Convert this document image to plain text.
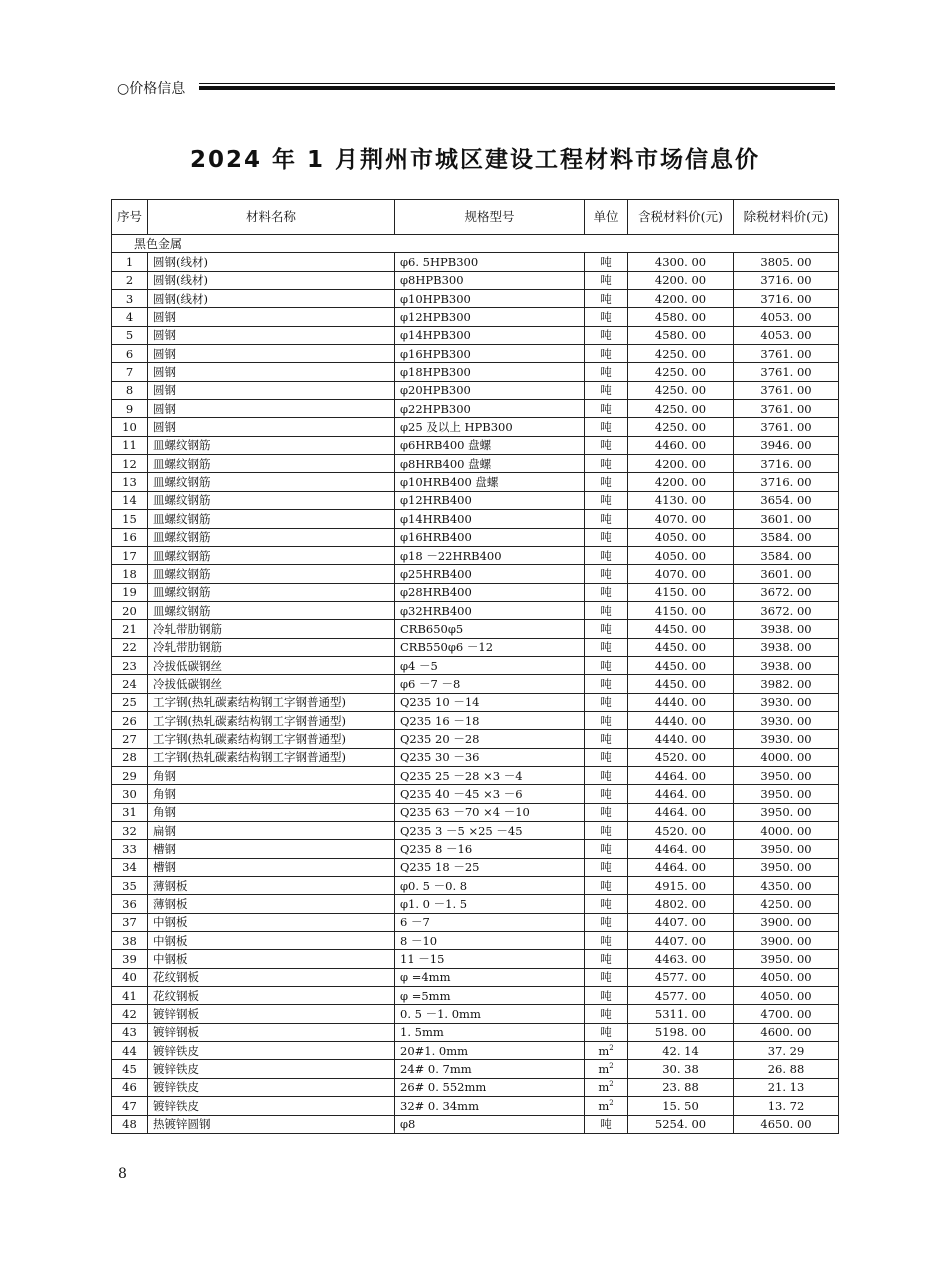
○价格信息
2024 年 1 月荆州市城区建设工程材料市场信息价
序号	材料名称	规格型号	单位	含税材料价(元)	除税材料价(元)
黑色金属					
1	圆钢(线材)	φ6. 5HPB300	吨	4300. 00	3805. 00
2	圆钢(线材)	φ8HPB300	吨	4200. 00	3716. 00
3	圆钢(线材)	φ10HPB300	吨	4200. 00	3716. 00
4	圆钢	φ12HPB300	吨	4580. 00	4053. 00
5	圆钢	φ14HPB300	吨	4580. 00	4053. 00
6	圆钢	φ16HPB300	吨	4250. 00	3761. 00
7	圆钢	φ18HPB300	吨	4250. 00	3761. 00
8	圆钢	φ20HPB300	吨	4250. 00	3761. 00
9	圆钢	φ22HPB300	吨	4250. 00	3761. 00
10	圆钢	φ25 及以上 HPB300	吨	4250. 00	3761. 00
11	皿螺纹钢筋	φ6HRB400 盘螺	吨	4460. 00	3946. 00
12	皿螺纹钢筋	φ8HRB400 盘螺	吨	4200. 00	3716. 00
13	皿螺纹钢筋	φ10HRB400 盘螺	吨	4200. 00	3716. 00
14	皿螺纹钢筋	φ12HRB400	吨	4130. 00	3654. 00
15	皿螺纹钢筋	φ14HRB400	吨	4070. 00	3601. 00
16	皿螺纹钢筋	φ16HRB400	吨	4050. 00	3584. 00
17	皿螺纹钢筋	φ18 －22HRB400	吨	4050. 00	3584. 00
18	皿螺纹钢筋	φ25HRB400	吨	4070. 00	3601. 00
19	皿螺纹钢筋	φ28HRB400	吨	4150. 00	3672. 00
20	皿螺纹钢筋	φ32HRB400	吨	4150. 00	3672. 00
21	冷轧带肋钢筋	CRB650φ5	吨	4450. 00	3938. 00
22	冷轧带肋钢筋	CRB550φ6 －12	吨	4450. 00	3938. 00
23	冷拔低碳钢丝	φ4 －5	吨	4450. 00	3938. 00
24	冷拔低碳钢丝	φ6 －7 －8	吨	4450. 00	3982. 00
25	工字钢(热轧碳素结构钢工字钢普通型)	Q235 10 －14	吨	4440. 00	3930. 00
26	工字钢(热轧碳素结构钢工字钢普通型)	Q235 16 －18	吨	4440. 00	3930. 00
27	工字钢(热轧碳素结构钢工字钢普通型)	Q235 20 －28	吨	4440. 00	3930. 00
28	工字钢(热轧碳素结构钢工字钢普通型)	Q235 30 －36	吨	4520. 00	4000. 00
29	角钢	Q235 25 －28 ×3 －4	吨	4464. 00	3950. 00
30	角钢	Q235 40 －45 ×3 －6	吨	4464. 00	3950. 00
31	角钢	Q235 63 －70 ×4 －10	吨	4464. 00	3950. 00
32	扁钢	Q235 3 －5 ×25 －45	吨	4520. 00	4000. 00
33	槽钢	Q235 8 －16	吨	4464. 00	3950. 00
34	槽钢	Q235 18 －25	吨	4464. 00	3950. 00
35	薄钢板	φ0. 5 －0. 8	吨	4915. 00	4350. 00
36	薄钢板	φ1. 0 －1. 5	吨	4802. 00	4250. 00
37	中钢板	6 －7	吨	4407. 00	3900. 00
38	中钢板	8 －10	吨	4407. 00	3900. 00
39	中钢板	11 －15	吨	4463. 00	3950. 00
40	花纹钢板	φ =4mm	吨	4577. 00	4050. 00
41	花纹钢板	φ =5mm	吨	4577. 00	4050. 00
42	镀锌钢板	0. 5 －1. 0mm	吨	5311. 00	4700. 00
43	镀锌钢板	1. 5mm	吨	5198. 00	4600. 00
44	镀锌铁皮	20#1. 0mm	$m^2$	42. 14	37. 29
45	镀锌铁皮	24# 0. 7mm	$m^2$	30. 38	26. 88
46	镀锌铁皮	26# 0. 552mm	$m^2$	23. 88	21. 13
47	镀锌铁皮	32# 0. 34mm	$m^2$	15. 50	13. 72
48	热镀锌圆钢	φ8	吨	5254. 00	4650. 00
8
